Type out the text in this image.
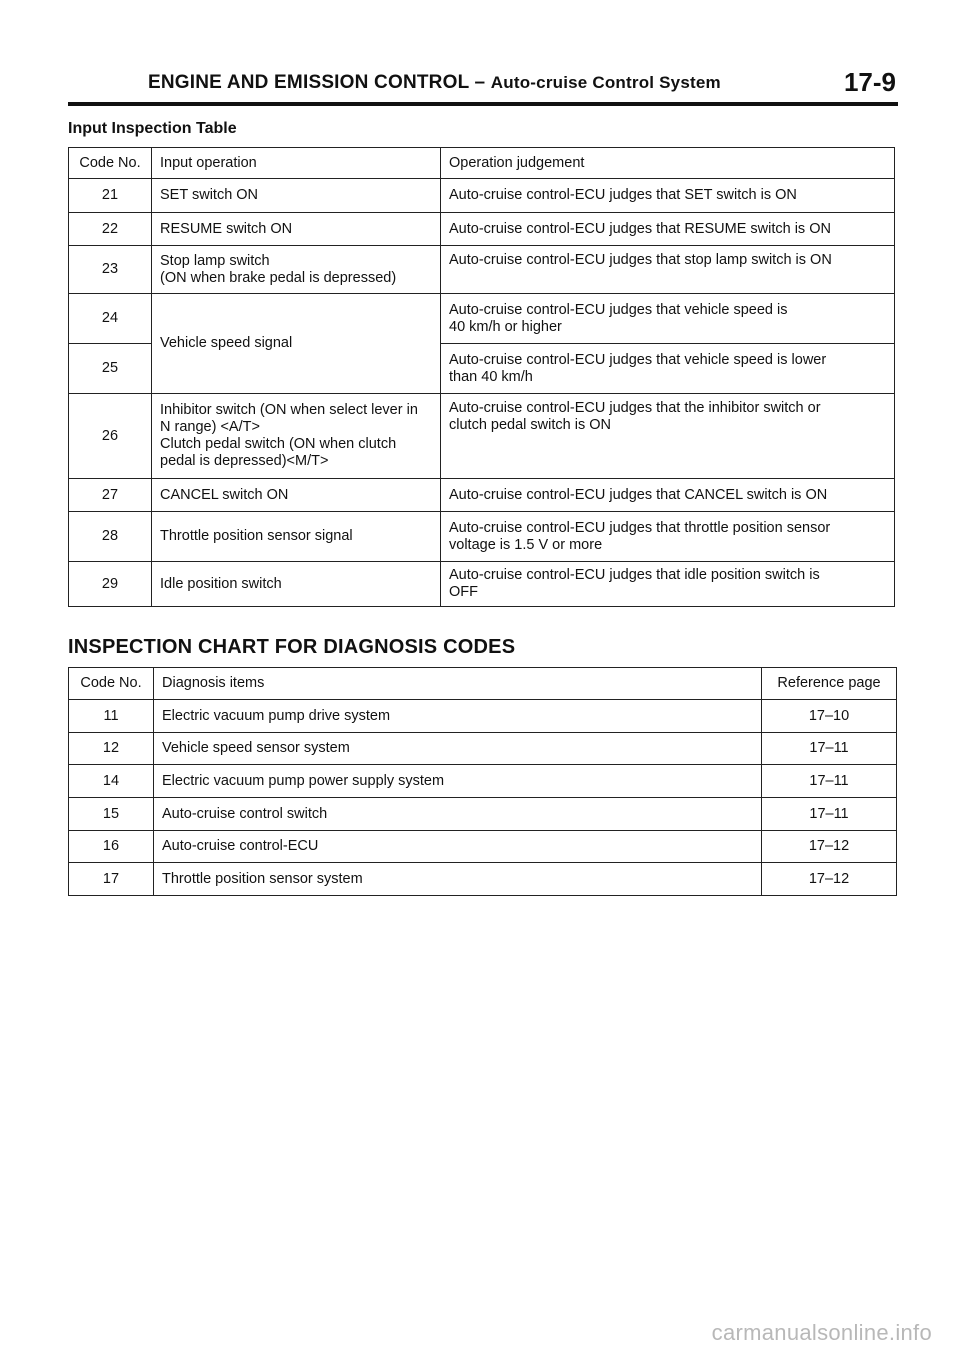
ENGINE AND EMISSION CONTROL – Auto-cruise Control System	17-9
Input Inspection Table
Code No.	Input operation	Operation judgement
21	SET switch ON	Auto-cruise control-ECU judges that SET switch is ON
22	RESUME switch ON	Auto-cruise control-ECU judges that RESUME switch is ON
23	Stop lamp switch
(ON when brake pedal is depressed)	Auto-cruise control-ECU judges that stop lamp switch is ON
24	Vehicle speed signal	Auto-cruise control-ECU judges that vehicle speed is
40 km/h or higher
25		Auto-cruise control-ECU judges that vehicle speed is lower
than 40 km/h
26	Inhibitor switch (ON when select lever in
N range) <A/T>
Clutch pedal switch (ON when clutch
pedal is depressed)<M/T>	Auto-cruise control-ECU judges that the inhibitor switch or
clutch pedal switch is ON
27	CANCEL switch ON	Auto-cruise control-ECU judges that CANCEL switch is ON
28	Throttle position sensor signal	Auto-cruise control-ECU judges that throttle position sensor
voltage is 1.5 V or more
29	Idle position switch	Auto-cruise control-ECU judges that idle position switch is
OFF
INSPECTION CHART FOR DIAGNOSIS CODES
Code No.	Diagnosis items	Reference page
11	Electric vacuum pump drive system	17–10
12	Vehicle speed sensor system	17–11
14	Electric vacuum pump power supply system	17–11
15	Auto-cruise control switch	17–11
16	Auto-cruise control-ECU	17–12
17	Throttle position sensor system	17–12
carmanualsonline.info
